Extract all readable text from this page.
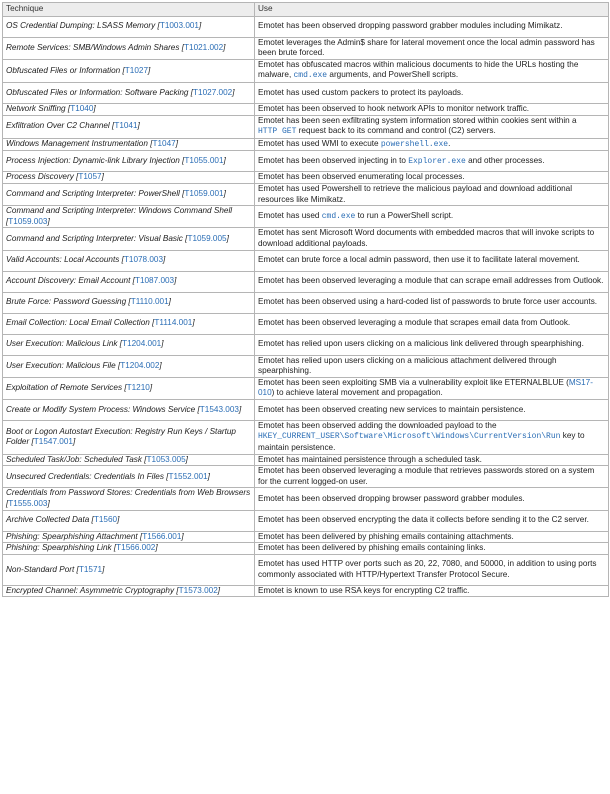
Technique	Use
OS Credential Dumping: LSASS Memory [T1003.001]	Emotet has been observed dropping password grabber modules including Mimikatz.
Remote Services: SMB/Windows Admin Shares [T1021.002]	Emotet leverages the Admin$ share for lateral movement once the local admin password has been brute forced.
Obfuscated Files or Information [T1027]	Emotet has obfuscated macros within malicious documents to hide the URLs hosting the malware, cmd.exe arguments, and PowerShell scripts.
Obfuscated Files or Information: Software Packing [T1027.002]	Emotet has used custom packers to protect its payloads.
Network Sniffing [T1040]	Emotet has been observed to hook network APIs to monitor network traffic.
Exfiltration Over C2 Channel [T1041]	Emotet has been seen exfiltrating system information stored within cookies sent within a HTTP GET request back to its command and control (C2) servers.
Windows Management Instrumentation [T1047]	Emotet has used WMI to execute powershell.exe.
Process Injection: Dynamic-link Library Injection [T1055.001]	Emotet has been observed injecting in to Explorer.exe and other processes.
Process Discovery [T1057]	Emotet has been observed enumerating local processes.
Command and Scripting Interpreter: PowerShell [T1059.001]	Emotet has used Powershell to retrieve the malicious payload and download additional resources like Mimikatz.
Command and Scripting Interpreter: Windows Command Shell [T1059.003]	Emotet has used cmd.exe to run a PowerShell script.
Command and Scripting Interpreter: Visual Basic [T1059.005]	Emotet has sent Microsoft Word documents with embedded macros that will invoke scripts to download additional payloads.
Valid Accounts: Local Accounts [T1078.003]	Emotet can brute force a local admin password, then use it to facilitate lateral movement.
Account Discovery: Email Account [T1087.003]	Emotet has been observed leveraging a module that can scrape email addresses from Outlook.
Brute Force: Password Guessing [T1110.001]	Emotet has been observed using a hard-coded list of passwords to brute force user accounts.
Email Collection: Local Email Collection [T1114.001]	Emotet has been observed leveraging a module that scrapes email data from Outlook.
User Execution: Malicious Link [T1204.001]	Emotet has relied upon users clicking on a malicious link delivered through spearphishing.
User Execution: Malicious File [T1204.002]	Emotet has relied upon users clicking on a malicious attachment delivered through spearphishing.
Exploitation of Remote Services [T1210]	Emotet has been seen exploiting SMB via a vulnerability exploit like ETERNALBLUE (MS17-010) to achieve lateral movement and propagation.
Create or Modify System Process: Windows Service [T1543.003]	Emotet has been observed creating new services to maintain persistence.
Boot or Logon Autostart Execution: Registry Run Keys / Startup Folder [T1547.001]	Emotet has been observed adding the downloaded payload to the HKEY_CURRENT_USER\Software\Microsoft\Windows\CurrentVersion\Run key to maintain persistence.
Scheduled Task/Job: Scheduled Task [T1053.005]	Emotet has maintained persistence through a scheduled task.
Unsecured Credentials: Credentials In Files [T1552.001]	Emotet has been observed leveraging a module that retrieves passwords stored on a system for the current logged-on user.
Credentials from Password Stores: Credentials from Web Browsers [T1555.003]	Emotet has been observed dropping browser password grabber modules.
Archive Collected Data [T1560]	Emotet has been observed encrypting the data it collects before sending it to the C2 server.
Phishing: Spearphishing Attachment [T1566.001]	Emotet has been delivered by phishing emails containing attachments.
Phishing: Spearphishing Link [T1566.002]	Emotet has been delivered by phishing emails containing links.
Non-Standard Port [T1571]	Emotet has used HTTP over ports such as 20, 22, 7080, and 50000, in addition to using ports commonly associated with HTTP/Hypertext Transfer Protocol Secure.
Encrypted Channel: Asymmetric Cryptography [T1573.002]	Emotet is known to use RSA keys for encrypting C2 traffic.
